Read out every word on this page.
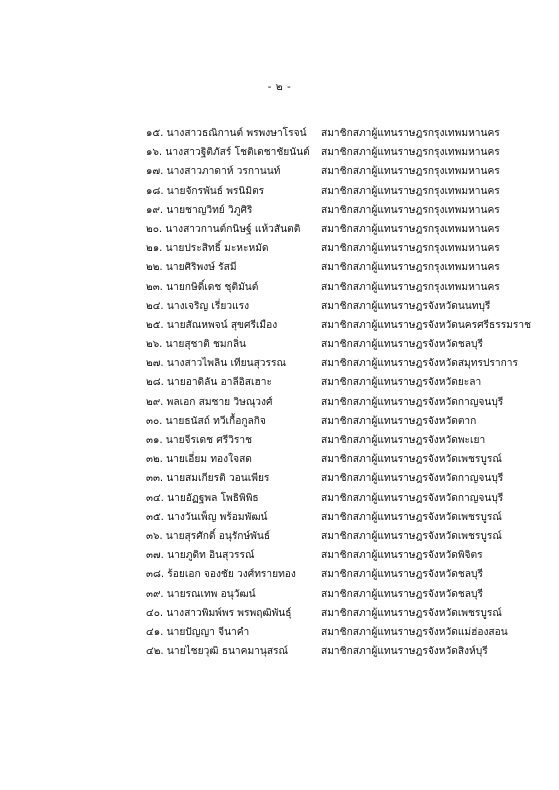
- ๒ -
๑๕. นางสาวธณิกานต์ พรพงษาโรจน์ สมาชิกสภาผู้แทนราษฎรกรุงเทพมหานคร
๑๖. นางสาวฐิติภัสร์ โชติเดชาชัยนันต์ สมาชิกสภาผู้แทนราษฎรกรุงเทพมหานคร
๑๗. นางสาวภาดาห์ วรกานนท์	สมาชิกสภาผู้แทนราษฎรกรุงเทพมหานคร
๑๘. นายจักรพันธ์ พรนิมิตร	สมาชิกสภาผู้แทนราษฎรกรุงเทพมหานคร
๑๙. นายชาญวิทย์ วิภูศิริ	สมาชิกสภาผู้แทนราษฎรกรุงเทพมหานคร
๒๐. นางสาวกานต์กนิษฐ์ แห้วสันตติ สมาชิกสภาผู้แทนราษฎรกรุงเทพมหานคร
๒๑. นายประสิทธิ์ มะหะหมัด	สมาชิกสภาผู้แทนราษฎรกรุงเทพมหานคร
๒๒. นายศิริพงษ์ รัสมี	สมาชิกสภาผู้แทนราษฎรกรุงเทพมหานคร
๒๓. นายกษิดิ์เดช ชุติมันต์	สมาชิกสภาผู้แทนราษฎรกรุงเทพมหานคร
๒๔. นางเจริญ เรี่ยวแรง	สมาชิกสภาผู้แทนราษฎรจังหวัดนนทบุรี
๒๕. นายสัณหพจน์ สุขศรีเมือง	สมาชิกสภาผู้แทนราษฎรจังหวัดนครศรีธรรมราช
๒๖. นายสุชาติ ชมกลิ่น	สมาชิกสภาผู้แทนราษฎรจังหวัดชลบุรี
๒๗. นางสาวไพลิน เทียนสุวรรณ	สมาชิกสภาผู้แทนราษฎรจังหวัดสมุทรปราการ
๒๘. นายอาดิลัน อาลีอิสเฮาะ	สมาชิกสภาผู้แทนราษฎรจังหวัดยะลา
๒๙. พลเอก สมชาย วิษณุวงศ์	สมาชิกสภาผู้แทนราษฎรจังหวัดกาญจนบุรี
๓๐. นายธนัสถ์ ทวีเกื้อกูลกิจ	สมาชิกสภาผู้แทนราษฎรจังหวัดตาก
๓๑. นายจีรเดช ศรีวิราช	สมาชิกสภาผู้แทนราษฎรจังหวัดพะเยา
๓๒. นายเอี่ยม ทองใจสด	สมาชิกสภาผู้แทนราษฎรจังหวัดเพชรบูรณ์
๓๓. นายสมเกียรติ วอนเพียร	สมาชิกสภาผู้แทนราษฎรจังหวัดกาญจนบุรี
๓๔. นายอัฏฐพล โพธิพิพิธ	สมาชิกสภาผู้แทนราษฎรจังหวัดกาญจนบุรี
๓๕. นางวันเพ็ญ พร้อมพัฒน์	สมาชิกสภาผู้แทนราษฎรจังหวัดเพชรบูรณ์
๓๖. นายสุรศักดิ์ อนุรักษ์พันธ์	สมาชิกสภาผู้แทนราษฎรจังหวัดเพชรบูรณ์
๓๗. นายภูดิท อินสุวรรณ์	สมาชิกสภาผู้แทนราษฎรจังหวัดพิจิตร
๓๘. ร้อยเอก จองชัย วงศ์ทรายทอง สมาชิกสภาผู้แทนราษฎรจังหวัดชลบุรี
๓๙. นายรณเทพ อนุวัฒน์	สมาชิกสภาผู้แทนราษฎรจังหวัดชลบุรี
๔๐. นางสาวพิมพ์พร พรพฤฒิพันธุ์	สมาชิกสภาผู้แทนราษฎรจังหวัดเพชรบูรณ์
๔๑. นายปัญญา จีนาคำ	สมาชิกสภาผู้แทนราษฎรจังหวัดแม่ฮ่องสอน
๔๒. นายไชยวุฒิ ธนาคมานุสรณ์	สมาชิกสภาผู้แทนราษฎรจังหวัดสิงห์บุรี
